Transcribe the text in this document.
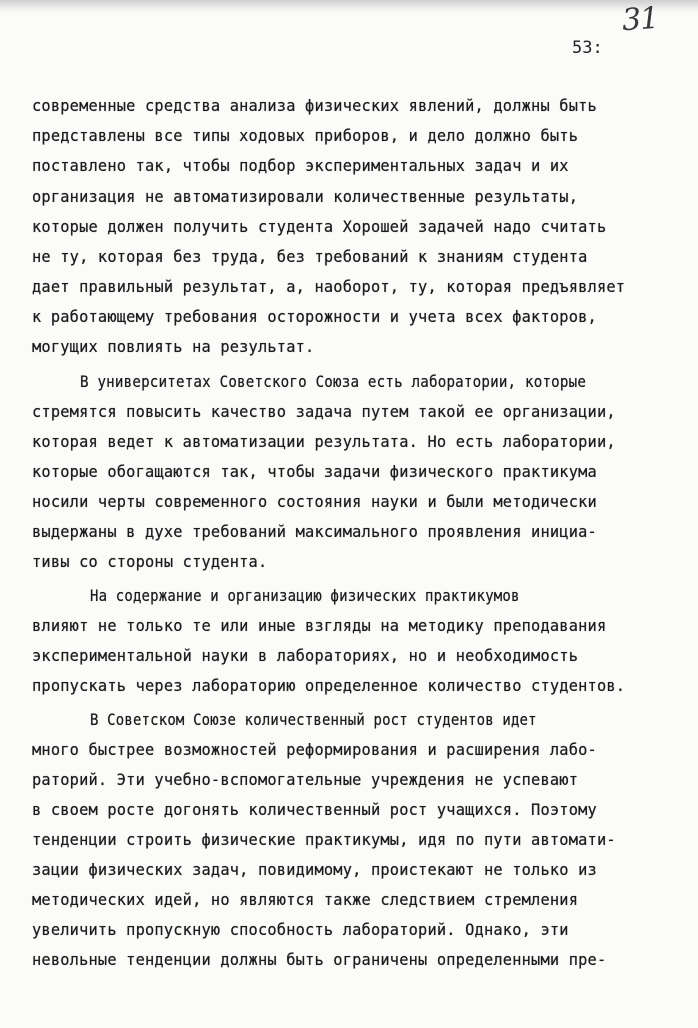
31
53:
современные средства анализа физических явлений, должны быть
представлены все типы ходовых приборов, и дело должно быть
поставлено так, чтобы подбор экспериментальных задач и их
организация не автоматизировали количественные результаты,
которые должен получить студента Хорошей задачей надо считать
не ту, которая без труда, без требований к знаниям студента
дает правильный результат, а, наоборот, ту, которая предъявляет
к работающему требования осторожности и учета всех факторов,
могущих повлиять на результат.
В университетах Советского Союза есть лаборатории, которые
стремятся повысить качество задача путем такой ее организации,
которая ведет к автоматизации результата. Но есть лаборатории,
которые обогащаются так, чтобы задачи физического практикума
носили черты современного состояния науки и были методически
выдержаны в духе требований максимального проявления инициа-
тивы со стороны студента.
На содержание и организацию физических практикумов
влияют не только те или иные взгляды на методику преподавания
экспериментальной науки в лабораториях, но и необходимость
пропускать через лабораторию определенное количество студентов.
В Советском Союзе количественный рост студентов идет
много быстрее возможностей реформирования и расширения лабо-
раторий. Эти учебно-вспомогательные учреждения не успевают
в своем росте догонять количественный рост учащихся. Поэтому
тенденции строить физические практикумы, идя по пути автомати-
зации физических задач, повидимому, проистекают не только из
методических идей, но являются также следствием стремления
увеличить пропускную способность лабораторий. Однако, эти
невольные тенденции должны быть ограничены определенными пре-
